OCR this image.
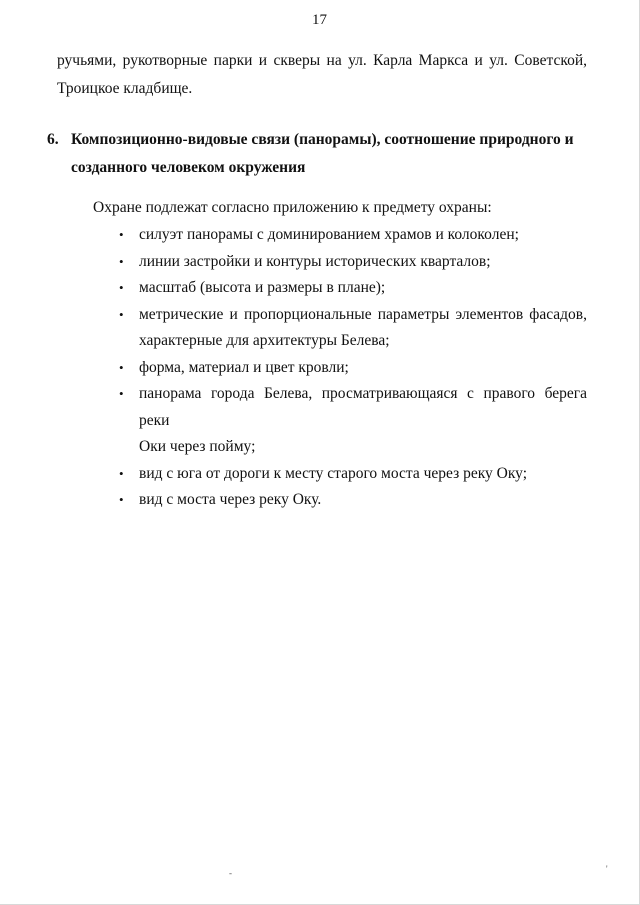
17
ручьями, рукотворные парки и скверы на ул. Карла Маркса и ул. Советской,
Троицкое кладбище.
6. Композиционно-видовые связи (панорамы), соотношение природного и
созданного человеком окружения
Охране подлежат согласно приложению к предмету охраны:
• силуэт панорамы с доминированием храмов и колоколен;
• линии застройки и контуры исторических кварталов;
• масштаб (высота и размеры в плане);
• метрические и пропорциональные параметры элементов фасадов,
характерные для архитектуры Белева;
• форма, материал и цвет кровли;
• панорама города Белева, просматривающаяся с правого берега реки
Оки через пойму;
• вид с юга от дороги к месту старого моста через реку Оку;
• вид с моста через реку Оку.
-	'
